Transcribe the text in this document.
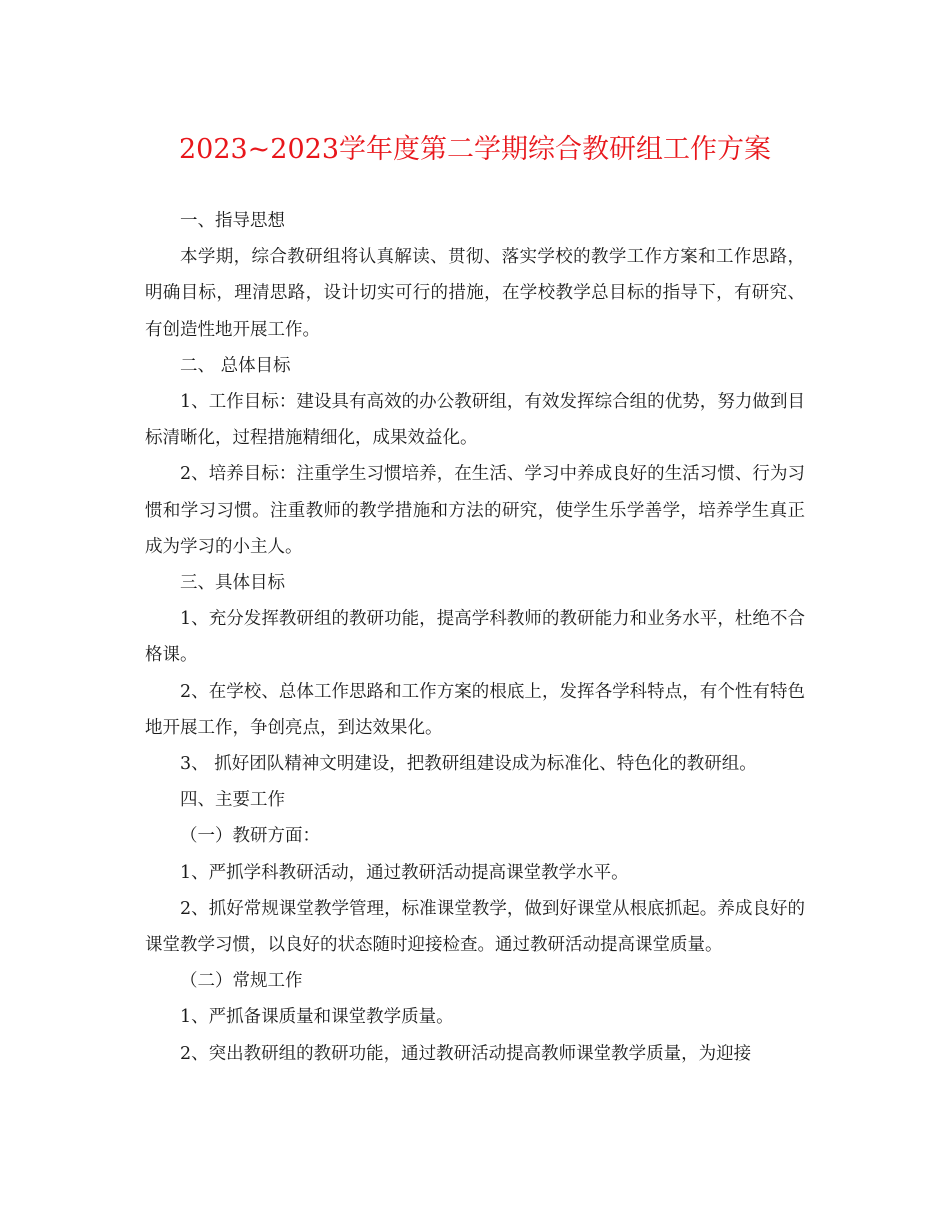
2023~2023学年度第二学期综合教研组工作方案

一、指导思想

本学期，综合教研组将认真解读、贯彻、落实学校的教学工作方案和工作思路，明确目标，理清思路，设计切实可行的措施，在学校教学总目标的指导下，有研究、有创造性地开展工作。

二、 总体目标

1、工作目标：建设具有高效的办公教研组，有效发挥综合组的优势，努力做到目标清晰化，过程措施精细化，成果效益化。

2、培养目标：注重学生习惯培养，在生活、学习中养成良好的生活习惯、行为习惯和学习习惯。注重教师的教学措施和方法的研究，使学生乐学善学，培养学生真正成为学习的小主人。

三、具体目标

1、充分发挥教研组的教研功能，提高学科教师的教研能力和业务水平，杜绝不合格课。

2、在学校、总体工作思路和工作方案的根底上，发挥各学科特点，有个性有特色地开展工作，争创亮点，到达效果化。

3、 抓好团队精神文明建设，把教研组建设成为标准化、特色化的教研组。

四、主要工作

（一）教研方面：

1、严抓学科教研活动，通过教研活动提高课堂教学水平。

2、抓好常规课堂教学管理，标准课堂教学，做到好课堂从根底抓起。养成良好的课堂教学习惯，以良好的状态随时迎接检查。通过教研活动提高课堂质量。

（二）常规工作

1、严抓备课质量和课堂教学质量。

2、突出教研组的教研功能，通过教研活动提高教师课堂教学质量，为迎接
